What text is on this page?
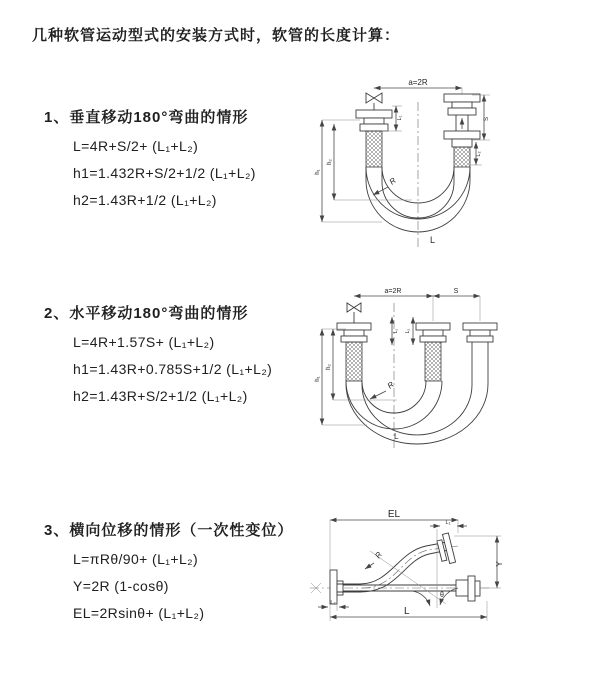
几种软管运动型式的安装方式时，软管的长度计算：
1、垂直移动180°弯曲的情形
L=4R+S/2+ (L₁+L₂)
h1=1.432R+S/2+1/2 (L₁+L₂)
h2=1.43R+1/2 (L₁+L₂)
2、水平移动180°弯曲的情形
L=4R+1.57S+ (L₁+L₂)
h1=1.43R+0.785S+1/2 (L₁+L₂)
h2=1.43R+S/2+1/2 (L₁+L₂)
3、横向位移的情形（一次性变位）
L=πRθ/90+ (L₁+L₂)
Y=2R (1-cosθ)
EL=2Rsinθ+ (L₁+L₂)
a=2R
L₁
R
h₁
h₂
S
L₂
L
a=2R	S
L₁ L₂
R
h₁
h₂
L
EL
L₁
θ
R
Y
L₂
L
